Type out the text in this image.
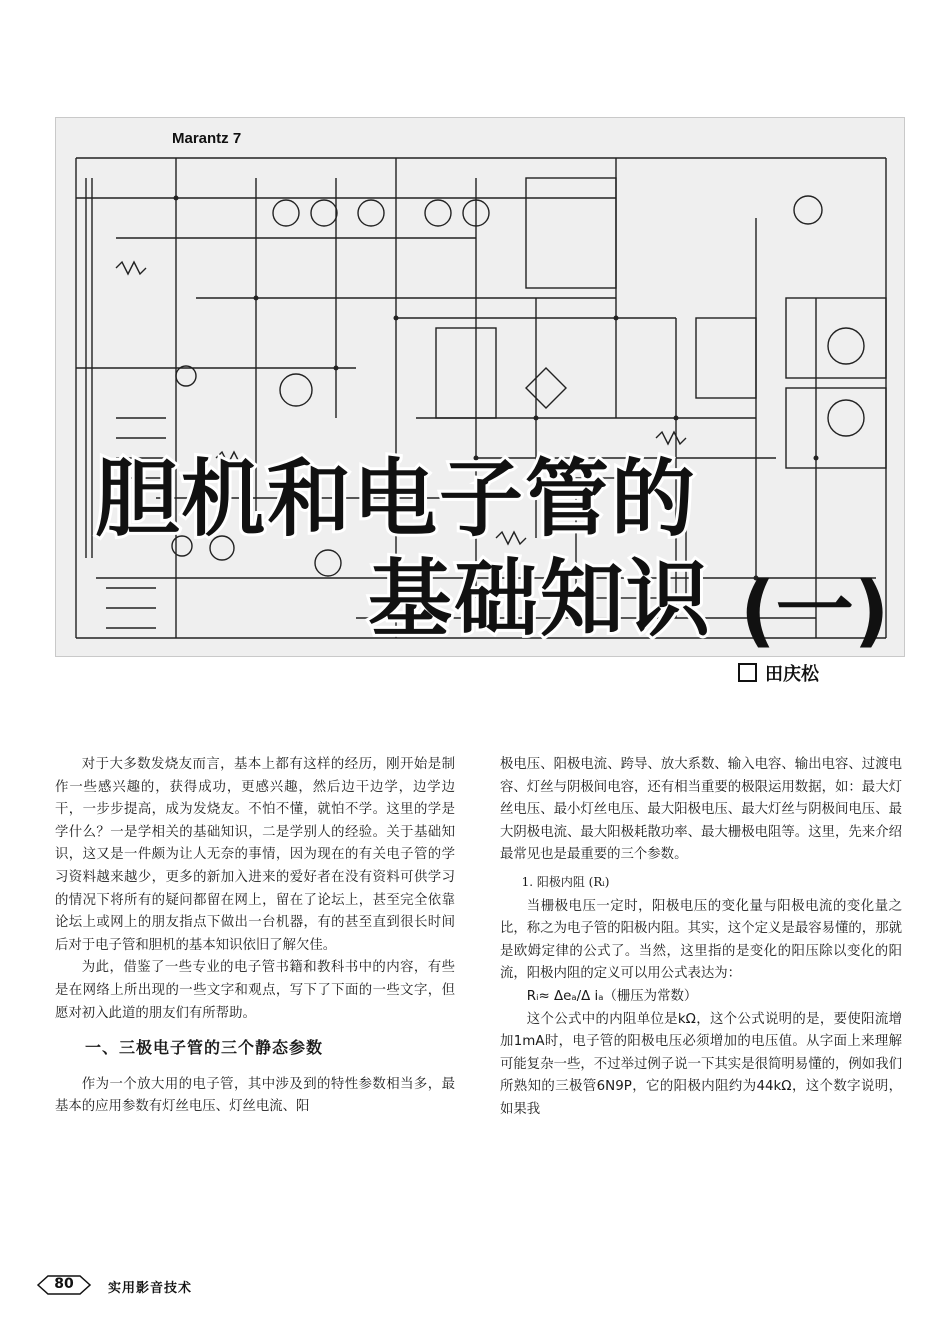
Marantz 7
胆机和电子管的
基础知识 (一)
田庆松

对于大多数发烧友而言，基本上都有这样的经历，刚开始是制作一些感兴趣的，获得成功，更感兴趣，然后边干边学，边学边干，一步步提高，成为发烧友。不怕不懂，就怕不学。这里的学是学什么？一是学相关的基础知识，二是学别人的经验。关于基础知识，这又是一件颇为让人无奈的事情，因为现在的有关电子管的学习资料越来越少，更多的新加入进来的爱好者在没有资料可供学习的情况下将所有的疑问都留在网上，留在了论坛上，甚至完全依靠论坛上或网上的朋友指点下做出一台机器，有的甚至直到很长时间后对于电子管和胆机的基本知识依旧了解欠佳。

为此，借鉴了一些专业的电子管书籍和教科书中的内容，有些是在网络上所出现的一些文字和观点，写下了下面的一些文字，但愿对初入此道的朋友们有所帮助。

一、三极电子管的三个静态参数

作为一个放大用的电子管，其中涉及到的特性参数相当多，最基本的应用参数有灯丝电压、灯丝电流、阳

极电压、阳极电流、跨导、放大系数、输入电容、输出电容、过渡电容、灯丝与阴极间电容，还有相当重要的极限运用数据，如：最大灯丝电压、最小灯丝电压、最大阳极电压、最大灯丝与阴极间电压、最大阴极电流、最大阳极耗散功率、最大栅极电阻等。这里，先来介绍最常见也是最重要的三个参数。

1. 阳极内阻 (Rᵢ)

当栅极电压一定时，阳极电压的变化量与阳极电流的变化量之比，称之为电子管的阳极内阻。其实，这个定义是最容易懂的，那就是欧姆定律的公式了。当然，这里指的是变化的阳压除以变化的阳流，阳极内阻的定义可以用公式表达为：

Rᵢ≈ Δeₐ/Δ iₐ（栅压为常数）

这个公式中的内阻单位是kΩ，这个公式说明的是，要使阳流增加1mA时，电子管的阳极电压必须增加的电压值。从字面上来理解可能复杂一些，不过举过例子说一下其实是很简明易懂的，例如我们所熟知的三极管6N9P，它的阳极内阻约为44kΩ，这个数字说明，如果我

80	实用影音技术
